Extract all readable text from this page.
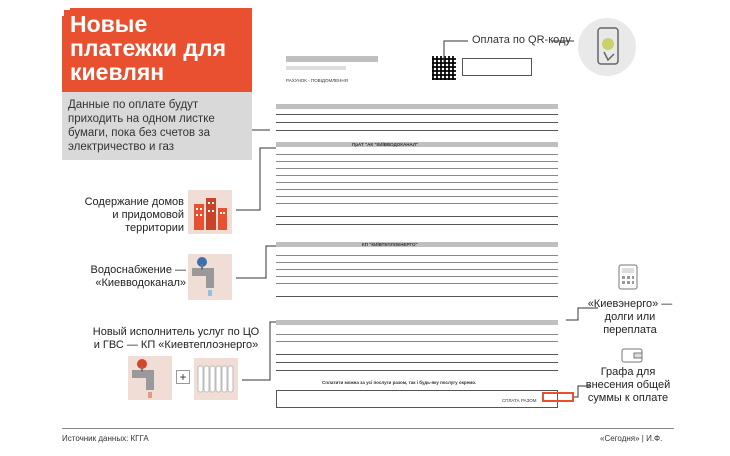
Новые платежки для киевлян
Данные по оплате будут приходить на одном листке бумаги, пока без счетов за электричество и газ
Содержание домов и придомовой территории
Водоснабжение — «Киевводоканал»
Новый исполнитель услуг по ЦО и ГВС — КП «Киевтеплоэнерго»
+
РАХУНОК - ПОВІДОМЛЕННЯ
ПрАТ "АК "КИЇВВОДОКАНАЛ"
КП "КИЇВТЕПЛОЕНЕРГО"
Сплатити можна за усі послуги разом, так і будь-яку послугу окремо.
СПЛАТА РАЗОМ
Оплата по QR-коду
«Киевэнерго» — долги или переплата
Графа для внесения общей суммы к оплате
Источник данных: КГГА	«Сегодня» | И.Ф.
